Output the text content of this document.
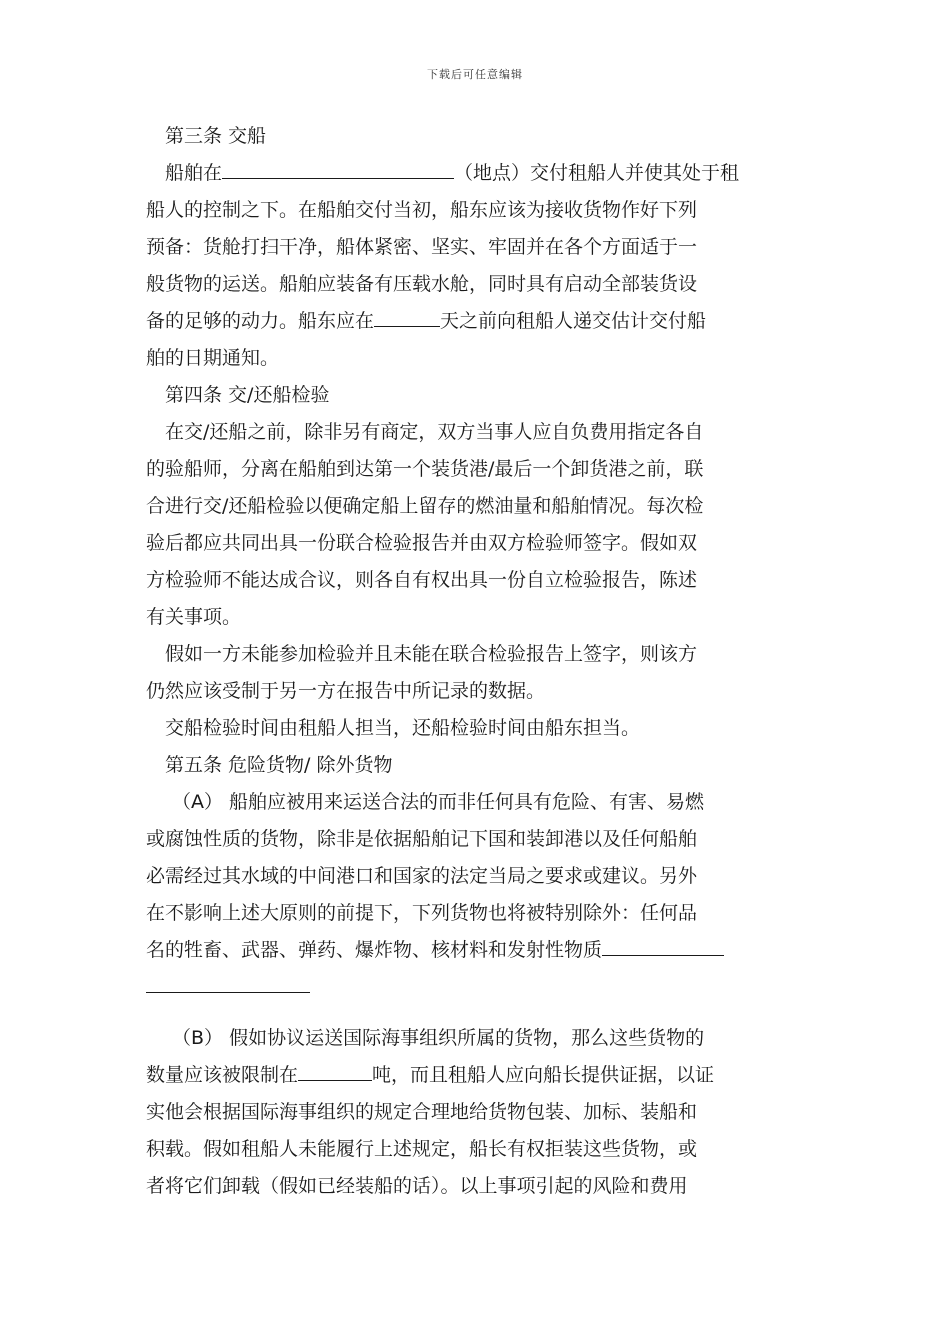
下载后可任意编辑
第三条 交船
船舶在	（地点）交付租船人并使其处于租
船人的控制之下。在船舶交付当初，船东应该为接收货物作好下列
预备：货舱打扫干净，船体紧密、坚实、牢固并在各个方面适于一
般货物的运送。船舶应装备有压载水舱，同时具有启动全部装货设
备的足够的动力。船东应在	天之前向租船人递交估计交付船
舶的日期通知。
第四条 交/还船检验
在交/还船之前，除非另有商定，双方当事人应自负费用指定各自
的验船师，分离在船舶到达第一个装货港/最后一个卸货港之前，联
合进行交/还船检验以便确定船上留存的燃油量和船舶情况。每次检
验后都应共同出具一份联合检验报告并由双方检验师签字。假如双
方检验师不能达成合议，则各自有权出具一份自立检验报告，陈述
有关事项。
假如一方未能参加检验并且未能在联合检验报告上签字，则该方
仍然应该受制于另一方在报告中所记录的数据。
交船检验时间由租船人担当，还船检验时间由船东担当。
第五条 危险货物/ 除外货物
（A） 船舶应被用来运送合法的而非任何具有危险、有害、易燃
或腐蚀性质的货物，除非是依据船舶记下国和装卸港以及任何船舶
必需经过其水域的中间港口和国家的法定当局之要求或建议。另外
在不影响上述大原则的前提下，下列货物也将被特别除外：任何品
名的牲畜、武器、弹药、爆炸物、核材料和发射性物质
（B） 假如协议运送国际海事组织所属的货物，那么这些货物的
数量应该被限制在	吨，而且租船人应向船长提供证据，以证
实他会根据国际海事组织的规定合理地给货物包装、加标、装船和
积载。假如租船人未能履行上述规定，船长有权拒装这些货物，或
者将它们卸载（假如已经装船的话）。以上事项引起的风险和费用
